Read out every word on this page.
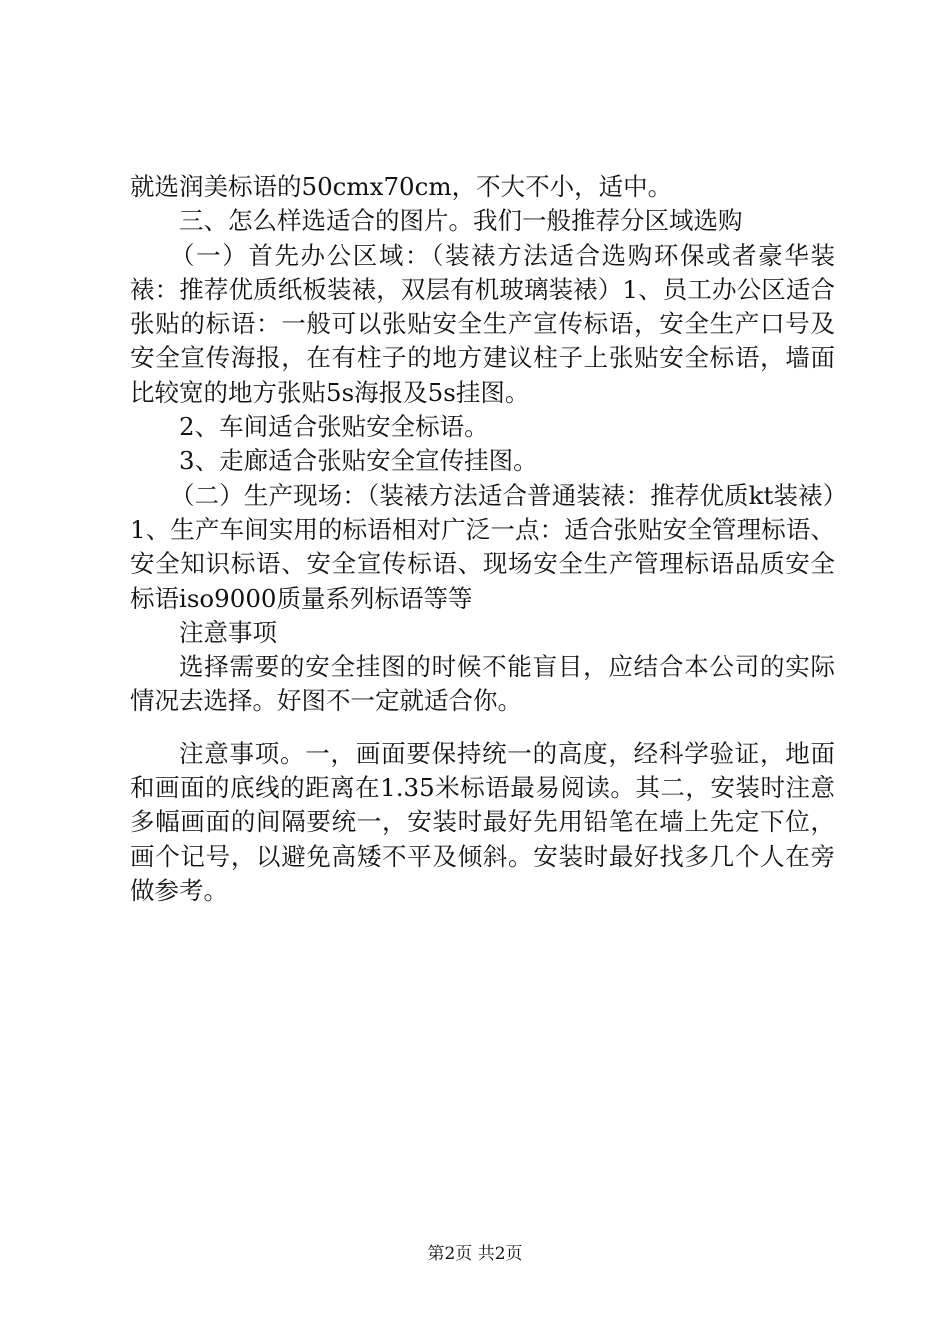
就选润美标语的50cmx70cm，不大不小，适中。

三、怎么样选适合的图片。我们一般推荐分区域选购

（一）首先办公区域：（装裱方法适合选购环保或者豪华装裱：推荐优质纸板装裱，双层有机玻璃装裱）1、员工办公区适合张贴的标语：一般可以张贴安全生产宣传标语，安全生产口号及安全宣传海报，在有柱子的地方建议柱子上张贴安全标语，墙面比较宽的地方张贴5s海报及5s挂图。

2、车间适合张贴安全标语。

3、走廊适合张贴安全宣传挂图。

（二）生产现场：（装裱方法适合普通装裱：推荐优质kt装裱）1、生产车间实用的标语相对广泛一点：适合张贴安全管理标语、安全知识标语、安全宣传标语、现场安全生产管理标语品质安全标语iso9000质量系列标语等等

注意事项

选择需要的安全挂图的时候不能盲目，应结合本公司的实际情况去选择。好图不一定就适合你。

注意事项。一，画面要保持统一的高度，经科学验证，地面和画面的底线的距离在1.35米标语最易阅读。其二，安装时注意多幅画面的间隔要统一，安装时最好先用铅笔在墙上先定下位，画个记号，以避免高矮不平及倾斜。安装时最好找多几个人在旁做参考。

第2页 共2页
